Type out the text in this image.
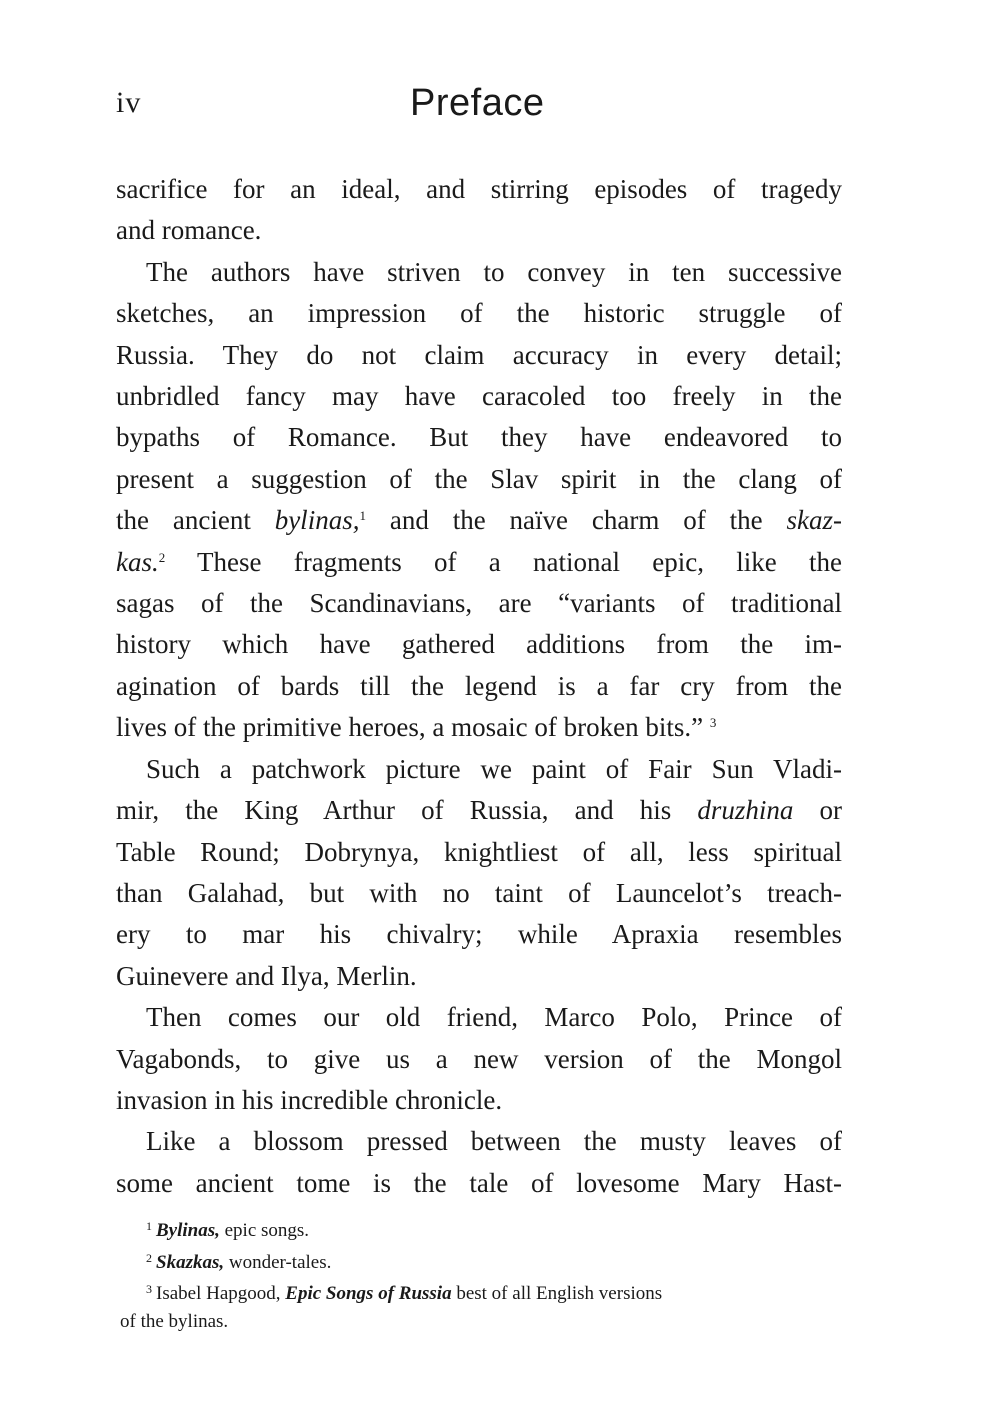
iv	Preface

sacrifice for an ideal, and stirring episodes of tragedy
and romance.

The authors have striven to convey in ten successive
sketches, an impression of the historic struggle of
Russia. They do not claim accuracy in every detail;
unbridled fancy may have caracoled too freely in the
bypaths of Romance. But they have endeavored to
present a suggestion of the Slav spirit in the clang of
the ancient bylinas,$^1$ and the naïve charm of the skaz-
kas.$^2$ These fragments of a national epic, like the
sagas of the Scandinavians, are “variants of traditional
history which have gathered additions from the im-
agination of bards till the legend is a far cry from the
lives of the primitive heroes, a mosaic of broken bits.” $^3$

Such a patchwork picture we paint of Fair Sun Vladi-
mir, the King Arthur of Russia, and his druzhina or
Table Round; Dobrynya, knightliest of all, less spiritual
than Galahad, but with no taint of Launcelot’s treach-
ery to mar his chivalry; while Apraxia resembles
Guinevere and Ilya, Merlin.

Then comes our old friend, Marco Polo, Prince of
Vagabonds, to give us a new version of the Mongol
invasion in his incredible chronicle.

Like a blossom pressed between the musty leaves of
some ancient tome is the tale of lovesome Mary Hast-

$^1$ Bylinas, epic songs.
$^2$ Skazkas, wonder-tales.
$^3$ Isabel Hapgood, Epic Songs of Russia best of all English versions
of the bylinas.
